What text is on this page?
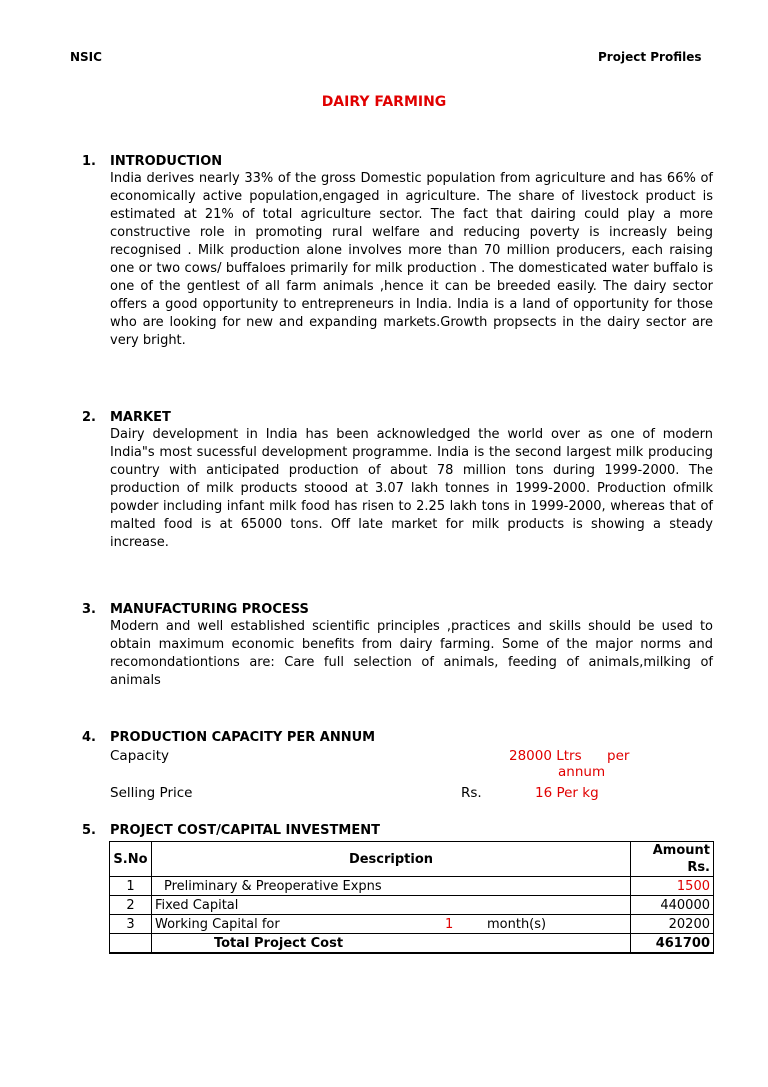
NSIC	Project Profiles
DAIRY FARMING
1. INTRODUCTION
India derives nearly 33% of the gross Domestic population from agriculture and has 66% of economically active population,engaged in agriculture. The share of livestock product is estimated at 21% of total agriculture sector. The fact that dairing could play a more constructive role in promoting rural welfare and reducing poverty is increasly being recognised . Milk production alone involves more than 70 million producers, each raising one or two cows/ buffaloes primarily for milk production . The domesticated water buffalo is one of the gentlest of all farm animals ,hence it can be breeded easily. The dairy sector offers a good opportunity to entrepreneurs in India. India is a land of opportunity for those who are looking for new and expanding markets.Growth propsects in the dairy sector are very bright.
2. MARKET
Dairy development in India has been acknowledged the world over as one of modern India"s most sucessful development programme. India is the second largest milk producing country with anticipated production of about 78 million tons during 1999-2000. The production of milk products stoood at 3.07 lakh tonnes in 1999-2000. Production ofmilk powder including infant milk food has risen to 2.25 lakh tons in 1999-2000, whereas that of malted food is at 65000 tons. Off late market for milk products is showing a steady increase.
3. MANUFACTURING PROCESS
Modern and well established scientific principles ,practices and skills should be used to obtain maximum economic benefits from dairy farming. Some of the major norms and recomondationtions are: Care full selection of animals, feeding of animals,milking of animals
4. PRODUCTION CAPACITY PER ANNUM
Capacity	28000 Ltrs per
annum
Selling Price	Rs.	16 Per kg
5. PROJECT COST/CAPITAL INVESTMENT
S.No	Description	Amount Rs.
1	Preliminary & Preoperative Expns	1500
2	Fixed Capital	440000
3	Working Capital for 1 month(s)	20200
	Total Project Cost	461700
